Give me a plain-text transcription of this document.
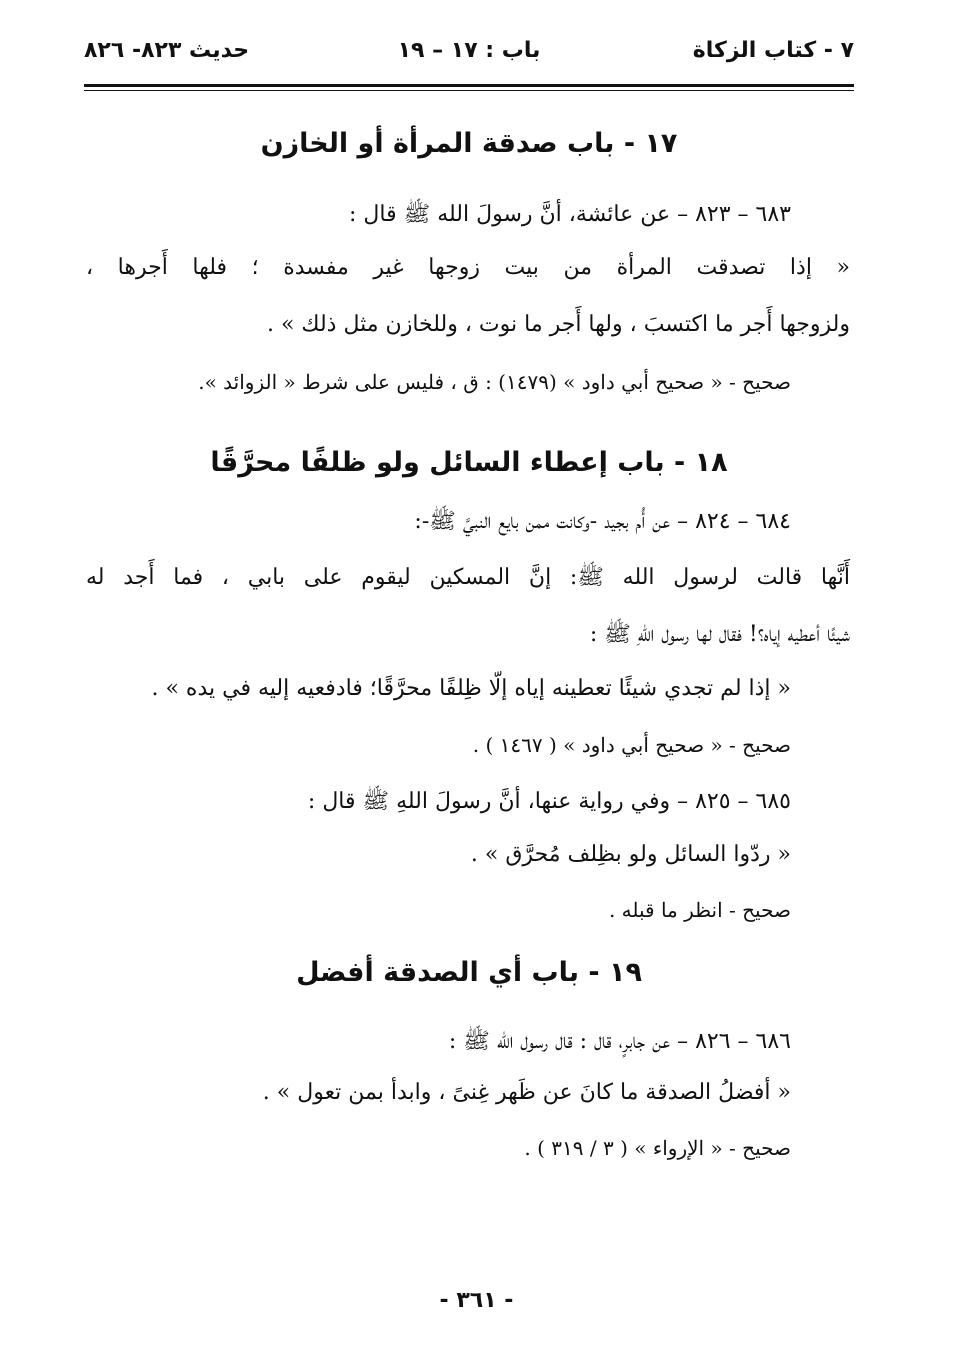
٧ - كتاب الزكاة
باب : ١٧ – ١٩
حديث ٨٢٣- ٨٢٦
١٧ - باب صدقة المرأة أو الخازن
٦٨٣ – ٨٢٣ – عن عائشة، أنَّ رسولَ الله ﷺ قال :
« إذا تصدقت المرأة من بيت زوجها غير مفسدة ؛ فلها أَجرها ،
ولزوجها أَجر ما اكتسبَ ، ولها أَجر ما نوت ، وللخازن مثل ذلك » .
صحيح - « صحيح أبي داود » (١٤٧٩) : ق ، فليس على شرط « الزوائد ».
١٨ - باب إعطاء السائل ولو ظلفًا محرَّقًا
٦٨٤ – ٨٢٤ – عن أُم بجيد -وكانت ممن بايع النبيَّ ﷺ-:
أَنَّها قالت لرسول الله ﷺ: إنَّ المسكين ليقوم على بابي ، فما أَجد له
شيئًا أعطيه إياه؟! فقال لها رسول اللهِ ﷺ :
« إذا لم تجدي شيئًا تعطينه إياه إلّا ظِلفًا محرَّقًا؛ فادفعيه إليه في يده » .
صحيح - « صحيح أبي داود » ( ١٤٦٧ ) .
٦٨٥ – ٨٢٥ – وفي رواية عنها، أنَّ رسولَ اللهِ ﷺ قال :
« ردّوا السائل ولو بظِلف مُحرَّق » .
صحيح - انظر ما قبله .
١٩ - باب أي الصدقة أفضل
٦٨٦ – ٨٢٦ – عن جابرٍ، قال : قال رسول الله ﷺ :
« أفضلُ الصدقة ما كانَ عن ظَهر غِنىً ، وابدأ بمن تعول » .
صحيح - « الإرواء » ( ٣ / ٣١٩ ) .
- ٣٦١ -
